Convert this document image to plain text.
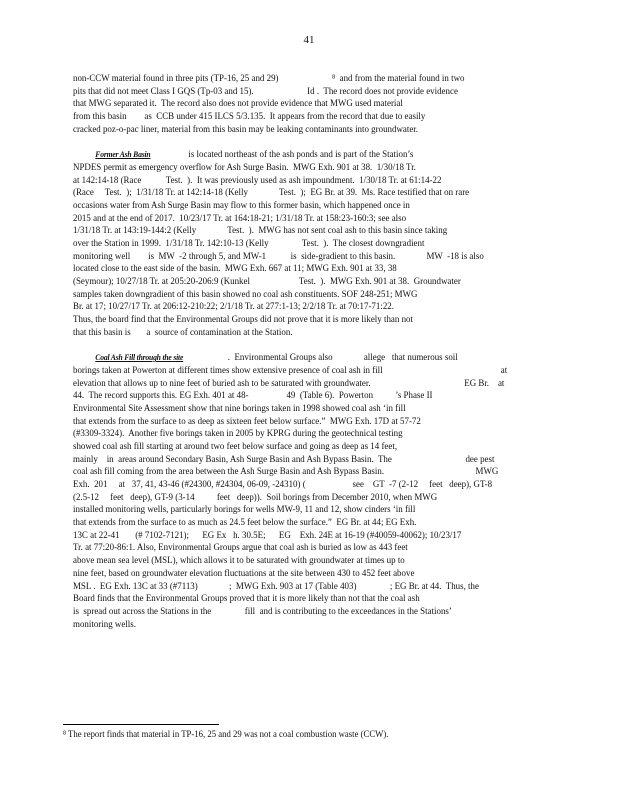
41
non-CCW material found in three pits (TP-16, 25 and 29)                        ⁸  and from the material found in two
pits that did not meet Class I GQS (Tp-03 and 15).                        Id .  The record does not provide evidence
that MWG separated it.  The record also does not provide evidence that MWG used material
from this basin        as  CCB under 415 ILCS 5/3.135.  It appears from the record that due to easily
cracked poz-o-pac liner, material from this basin may be leaking contaminants into groundwater.
Former Ash Basin	is located northeast of the ash ponds and is part of the Station’s
NPDES permit as emergency overflow for Ash Surge Basin.  MWG Exh. 901 at 38.  1/30/18 Tr.
at 142:14-18 (Race           Test.  ).  It was previously used as ash impoundment.  1/30/18 Tr. at 61:14-22
(Race     Test.  );  1/31/18 Tr. at 142:14-18 (Kelly              Test.  );  EG Br. at 39.  Ms. Race testified that on rare
occasions water from Ash Surge Basin may flow to this former basin, which happened once in
2015 and at the end of 2017.  10/23/17 Tr. at 164:18-21; 1/31/18 Tr. at 158:23-160:3; see also
1/31/18 Tr. at 143:19-144:2 (Kelly              Test.  ).  MWG has not sent coal ash to this basin since taking
over the Station in 1999.  1/31/18 Tr. 142:10-13 (Kelly               Test.  ).  The closest downgradient
monitoring well        is  MW  -2 through 5, and MW-1           is  side-gradient to this basin.              MW  -18 is also
located close to the east side of the basin.  MWG Exh. 667 at 11; MWG Exh. 901 at 33, 38
(Seymour); 10/27/18 Tr. at 205:20-206:9 (Kunkel                      Test.  ).  MWG Exh. 901 at 38.  Groundwater
samples taken downgradient of this basin showed no coal ash constituents. SOF 248-251; MWG
Br. at 17; 10/27/17 Tr. at 206:12-210:22; 2/1/18 Tr. at 277:1-13; 2/2/18 Tr. at 70:17-71:22.
Thus, the board find that the Environmental Groups did not prove that it is more likely than not
that this basin is       a  source of contamination at the Station.
Coal Ash Fill through the site	.  Environmental Groups also              allege   that numerous soil
borings taken at Powerton at different times show extensive presence of coal ash in fill                                                     at
elevation that allows up to nine feet of buried ash to be saturated with groundwater.                                          EG Br.    at
44.  The record supports this. EG Exh. 401 at 48-                 49  (Table 6).  Powerton          ’s Phase II
Environmental Site Assessment show that nine borings taken in 1998 showed coal ash ‘in fill
that extends from the surface to as deep as sixteen feet below surface.”  MWG Exh. 17D at 57-72
(#3309-3324).  Another five borings taken in 2005 by KPRG during the geotechnical testing
showed coal ash fill starting at around two feet below surface and going as deep as 14 feet,
mainly    in  areas around Secondary Basin, Ash Surge Basin and Ash Bypass Basin.  The                                 dee pest
coal ash fill coming from the area between the Ash Surge Basin and Ash Bypass Basin.                                         MWG
Exh.  201     at   37, 41, 43-46 (#24300, #24304, 06-09, -24310) (                     see    GT  -7 (2-12     feet   deep), GT-8
(2.5-12     feet   deep), GT-9 (3-14          feet   deep)).  Soil borings from December 2010, when MWG
installed monitoring wells, particularly borings for wells MW-9, 11 and 12, show cinders ‘in fill
that extends from the surface to as much as 24.5 feet below the surface.”  EG Br. at 44; EG Exh.
13C at 22-41       (# 7102-7121);      EG Ex   h. 30.5E;      EG    Exh. 24E at 16-19 (#40059-40062); 10/23/17
Tr. at 77:20-86:1. Also, Environmental Groups argue that coal ash is buried as low as 443 feet
above mean sea level (MSL), which allows it to be saturated with groundwater at times up to
nine feet, based on groundwater elevation fluctuations at the site between 430 to 452 feet above
MSL .  EG Exh. 13C at 33 (#7113)              ;  MWG Exh. 903 at 17 (Table 403)               ; EG Br. at 44.  Thus, the
Board finds that the Environmental Groups proved that it is more likely than not that the coal ash
is  spread out across the Stations in the               fill  and is contributing to the exceedances in the Stations’
monitoring wells.
⁸ The report finds that material in TP-16, 25 and 29 was not a coal combustion waste (CCW).
